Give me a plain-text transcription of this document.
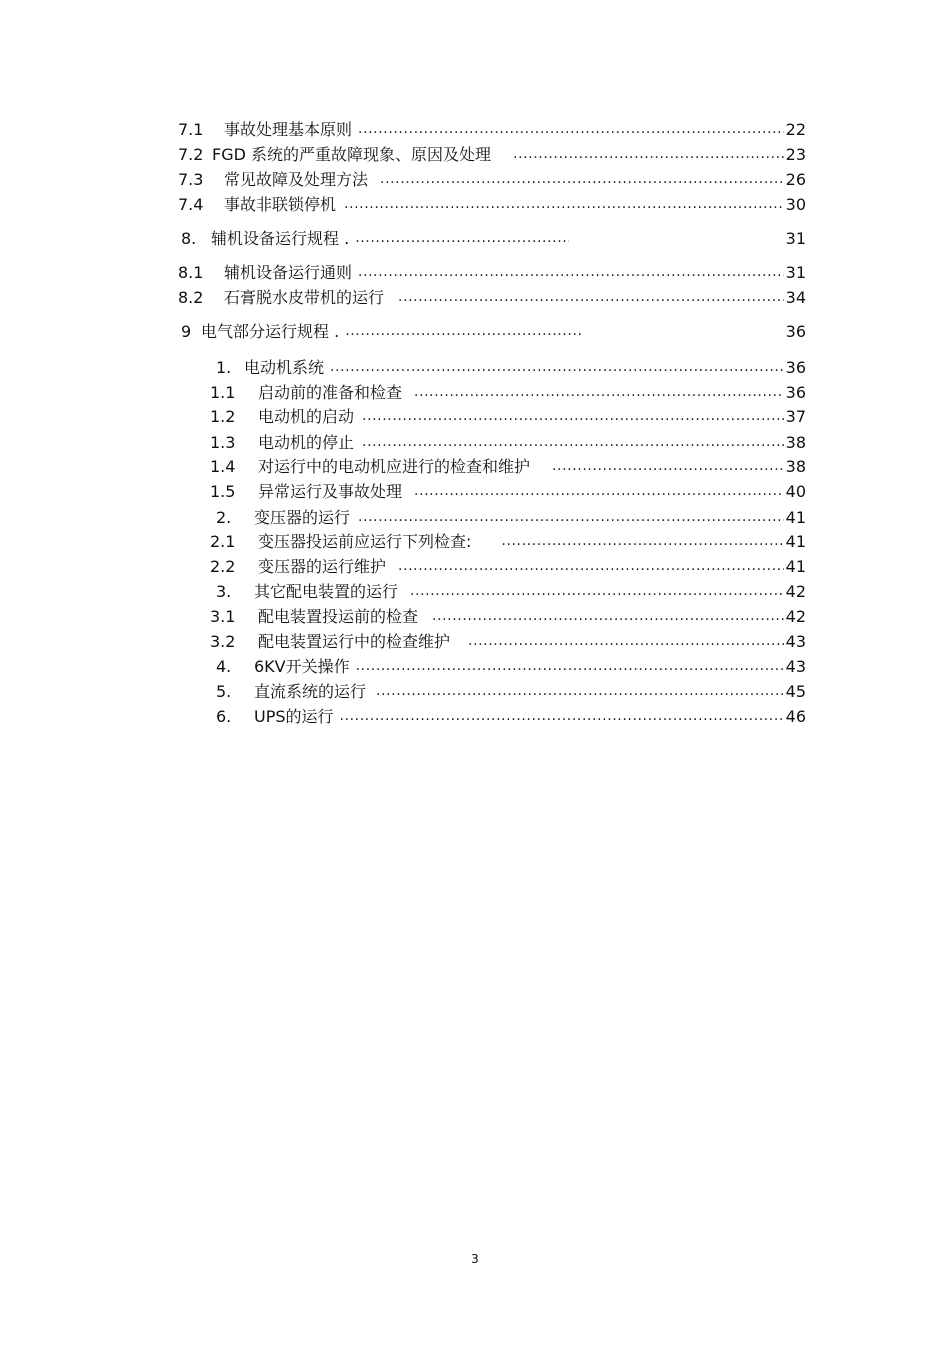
7.1	事故处理基本原则 .....	22
7.2 FGD 系统的严重故障现象、原因及处理 .....	23
7.3	常见故障及处理方法 .....	26
7.4	事故非联锁停机 .....	30
8. 辅机设备运行规程 . .....	31
8.1	辅机设备运行通则 .....	31
8.2	石膏脱水皮带机的运行 .....	34
9 电气部分运行规程 . .....	36
1. 电动机系统 .....	36
1.1	启动前的准备和检查 .....	36
1.2	电动机的启动 .....	37
1.3	电动机的停止 .....	38
1.4	对运行中的电动机应进行的检查和维护 .....	38
1.5	异常运行及事故处理 .....	40
2.	变压器的运行 .....	41
2.1	变压器投运前应运行下列检查: .....	41
2.2	变压器的运行维护 .....	41
3.	其它配电装置的运行 .....	42
3.1	配电装置投运前的检查 .....	42
3.2	配电装置运行中的检查维护 .....	43
4.	6KV开关操作 .....	43
5.	直流系统的运行 .....	45
6.	UPS的运行 .....	46
3
